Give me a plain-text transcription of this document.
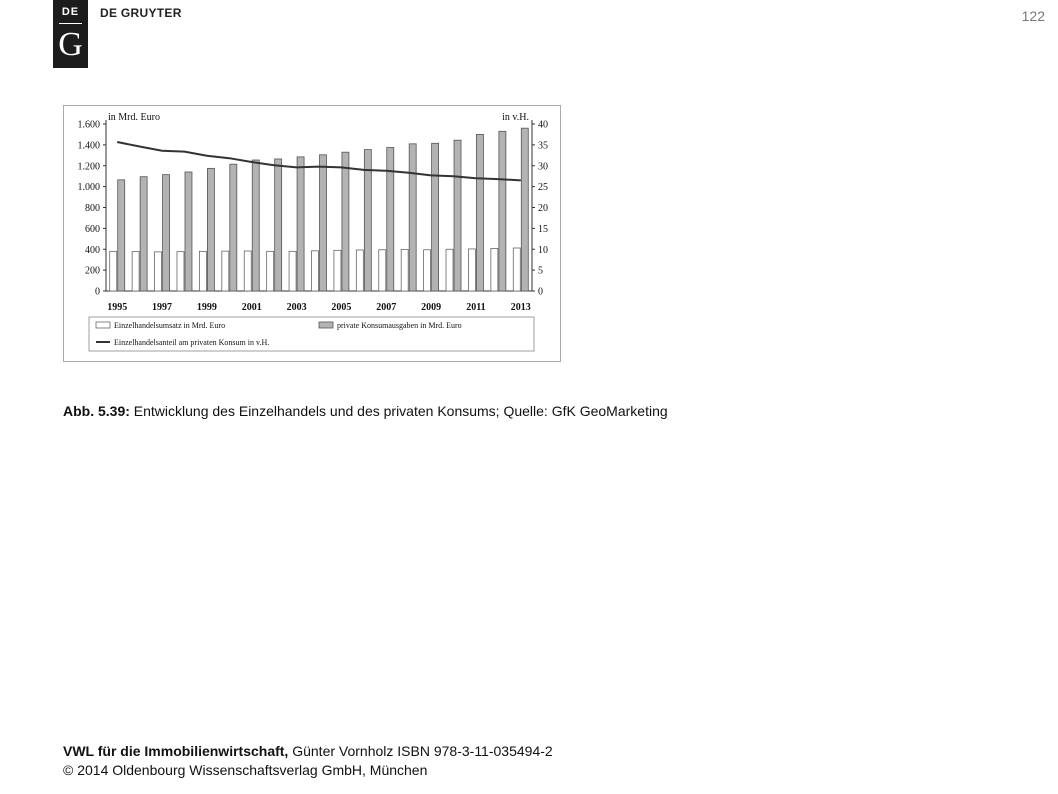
DE
G
DE GRUYTER	122
0
200
400
600
800
1.000
1.200
1.400
1.600
0
5
10
15
20
25
30
35
40
in Mrd. Euro	in v.H.
1995 1997 1999 2001 2003 2005 2007 2009	2011	2013
Einzelhandelsumsatz in Mrd. Euro	private Konsumausgaben in Mrd. Euro
Einzelhandelsanteil am privaten Konsum in v.H.
Abb. 5.39: Entwicklung des Einzelhandels und des privaten Konsums; Quelle: GfK GeoMarketing
VWL für die Immobilienwirtschaft, Günter Vornholz ISBN 978-3-11-035494-2
© 2014 Oldenbourg Wissenschaftsverlag GmbH, München
